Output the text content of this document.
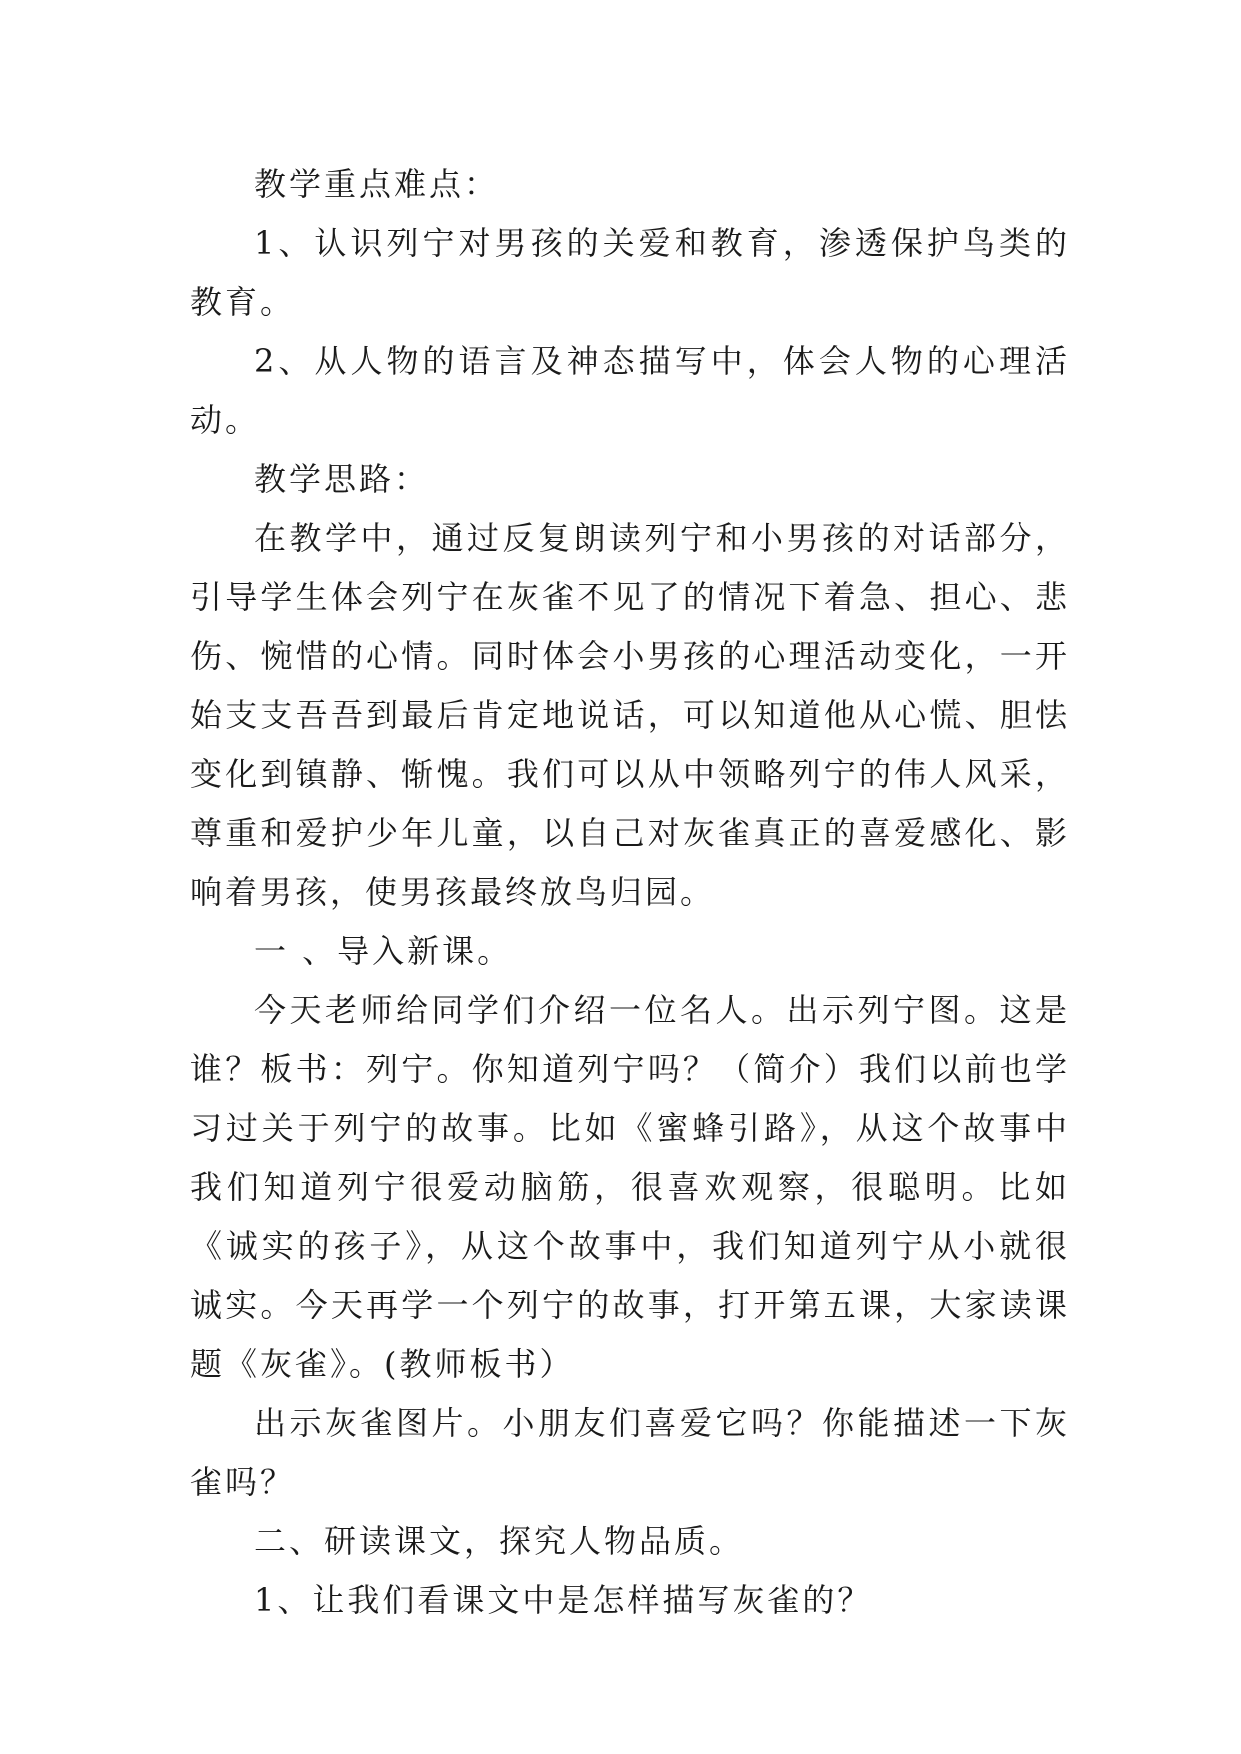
教学重点难点：

1、认识列宁对男孩的关爱和教育，渗透保护鸟类的教育。

2、从人物的语言及神态描写中，体会人物的心理活动。

教学思路：

在教学中，通过反复朗读列宁和小男孩的对话部分，引导学生体会列宁在灰雀不见了的情况下着急、担心、悲伤、惋惜的心情。同时体会小男孩的心理活动变化，一开始支支吾吾到最后肯定地说话，可以知道他从心慌、胆怯变化到镇静、惭愧。我们可以从中领略列宁的伟人风采，尊重和爱护少年儿童，以自己对灰雀真正的喜爱感化、影响着男孩，使男孩最终放鸟归园。

一 、导入新课。

今天老师给同学们介绍一位名人。出示列宁图。这是谁？板书：列宁。你知道列宁吗？（简介）我们以前也学习过关于列宁的故事。比如《蜜蜂引路》，从这个故事中我们知道列宁很爱动脑筋，很喜欢观察，很聪明。比如《诚实的孩子》，从这个故事中，我们知道列宁从小就很诚实。今天再学一个列宁的故事，打开第五课，大家读课题《灰雀》。(教师板书）

出示灰雀图片。小朋友们喜爱它吗？你能描述一下灰雀吗？

二、研读课文，探究人物品质。

1、让我们看课文中是怎样描写灰雀的？
